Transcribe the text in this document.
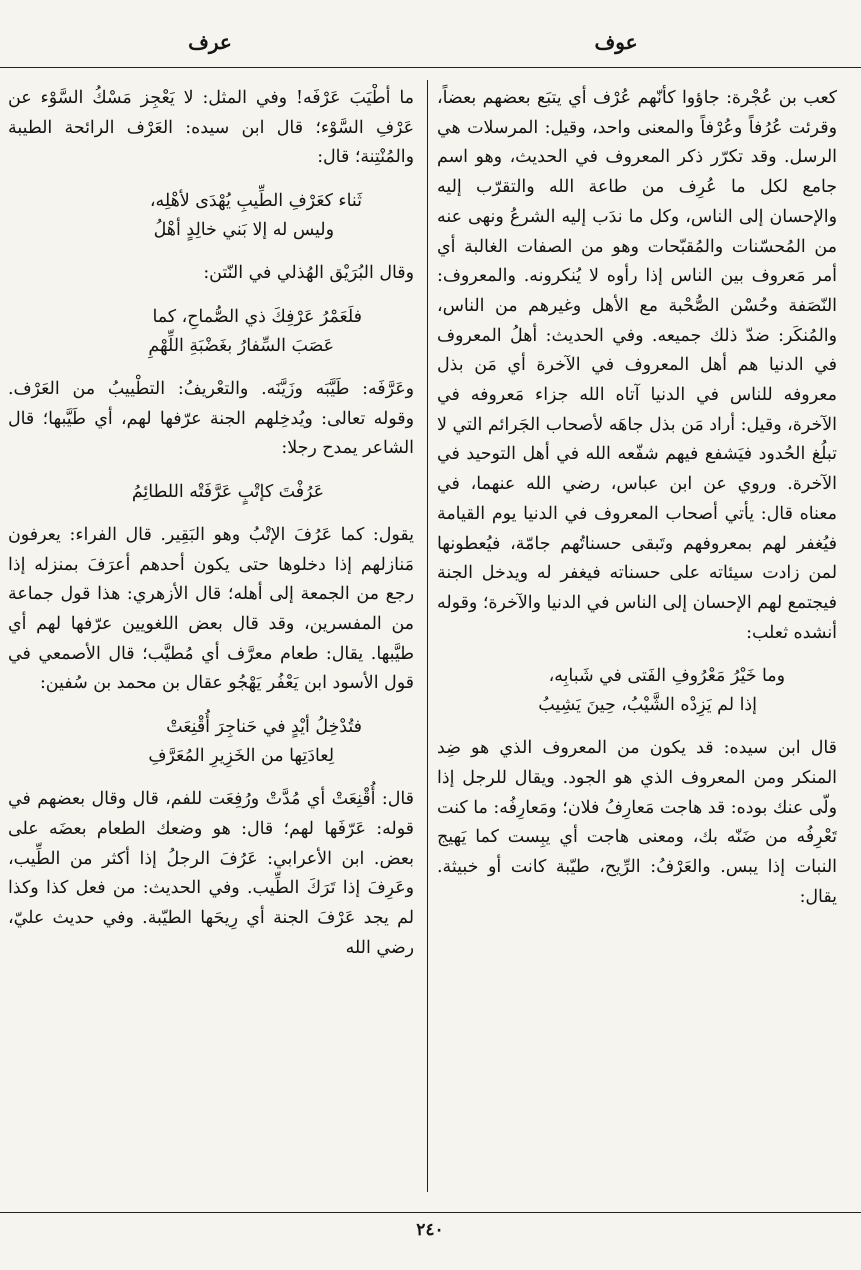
عوف
عرف

كعب بن عُجْرة: جاؤوا كأنّهم عُرْف أي يتبَع بعضهم بعضاً، وقرئت عُرُفاً وعُرْفاً والمعنى واحد، وقيل: المرسلات هي الرسل. وقد تكرّر ذكر المعروف في الحديث، وهو اسم جامع لكل ما عُرِف من طاعة الله والتقرّب إليه والإحسان إلى الناس، وكل ما ندَب إليه الشرعُ ونهى عنه من المُحسّنات والمُقبّحات وهو من الصفات الغالبة أي أمر مَعروف بين الناس إذا رأوه لا يُنكرونه. والمعروف: النّصَفة وحُسْن الصُّحْبة مع الأهل وغيرهم من الناس، والمُنكَر: ضدّ ذلك جميعه. وفي الحديث: أهلُ المعروف في الدنيا هم أهل المعروف في الآخرة أي مَن بذل معروفه للناس في الدنيا آتاه الله جزاء مَعروفه في الآخرة، وقيل: أراد مَن بذل جاهَه لأصحاب الجَرائم التي لا تبلُغ الحُدود فيَشفع فيهم شفّعه الله في أهل التوحيد في الآخرة. وروي عن ابن عباس، رضي الله عنهما، في معناه قال: يأتي أصحاب المعروف في الدنيا يوم القيامة فيُغفر لهم بمعروفهم وتَبقى حسناتُهم جامّة، فيُعطونها لمن زادت سيئاته على حسناته فيغفر له ويدخل الجنة فيجتمع لهم الإحسان إلى الناس في الدنيا والآخرة؛ وقوله أنشده ثعلب:

وما خَيْرُ مَعْرُوفِ الفَتى في شَبابِه،
إذا لم يَزِدْه الشَّيْبُ، حِينَ يَشِيبُ

قال ابن سيده: قد يكون من المعروف الذي هو ضِد المنكر ومن المعروف الذي هو الجود. ويقال للرجل إذا ولّى عنك بوده: قد هاجت مَعارِفُ فلان؛ ومَعارِفُه: ما كنت تَعْرِفُه من ضَنّه بك، ومعنى هاجت أي يبِست كما يَهيج النبات إذا يبس. والعَرْفُ: الرِّيح، طيّبة كانت أو خبيثة. يقال:

ما أطْيَبَ عَرْفَه! وفي المثل: لا يَعْجِز مَسْكُ السَّوْء عن عَرْفِ السَّوْء؛ قال ابن سيده: العَرْف الرائحة الطيبة والمُنْتِنة؛ قال:

ثَناء كعَرْفِ الطِّيبِ يُهْدَى لأهْلِه،
وليس له إلا بَني خالِدٍ أهْلُ

وقال البُرَيْق الهُذلي في النّتن:

فلَعَمْرُ عَرْفِكَ ذي الصُّماحِ، كما
عَصَبَ السِّفارُ بغَضْبَةِ اللِّهْمِ

وعَرَّفَه: طَيَّبَه وزَيَّنَه. والتعْريفُ: التطْييبُ من العَرْف. وقوله تعالى: ويُدخِلهم الجنة عرّفها لهم، أي طَيَّبها؛ قال الشاعر يمدح رجلا:

عَرُفْتَ كإتْبٍ عَرَّفَتْه اللطائِمُ

يقول: كما عَرُفَ الإتْبُ وهو البَقِير. قال الفراء: يعرفون مَنازلهم إذا دخلوها حتى يكون أحدهم أعرَفَ بمنزله إذا رجع من الجمعة إلى أهله؛ قال الأزهري: هذا قول جماعة من المفسرين، وقد قال بعض اللغويين عرّفها لهم أي طيَّبها. يقال: طعام معرَّف أي مُطيَّب؛ قال الأصمعي في قول الأسود ابن يَعْفُر يَهْجُو عقال بن محمد بن سُفين:

فتُدْخِلُ أيْدٍ في حَناجِرَ أُقْنِعَتْ
لِعادَتِها من الخَزِيرِ المُعَرَّفِ

قال: أُقْنِعَتْ أي مُدَّتْ ورُفِعَت للفم، قال وقال بعضهم في قوله: عَرّفَها لهم؛ قال: هو وضعك الطعام بعضَه على بعض. ابن الأعرابي: عَرُفَ الرجلُ إذا أكثر من الطِّيب، وعَرِفَ إذا تَرَكَ الطِّيب. وفي الحديث: من فعل كذا وكذا لم يجد عَرْفَ الجنة أي رِيحَها الطيّبة. وفي حديث عليّ، رضي الله

٢٤٠
